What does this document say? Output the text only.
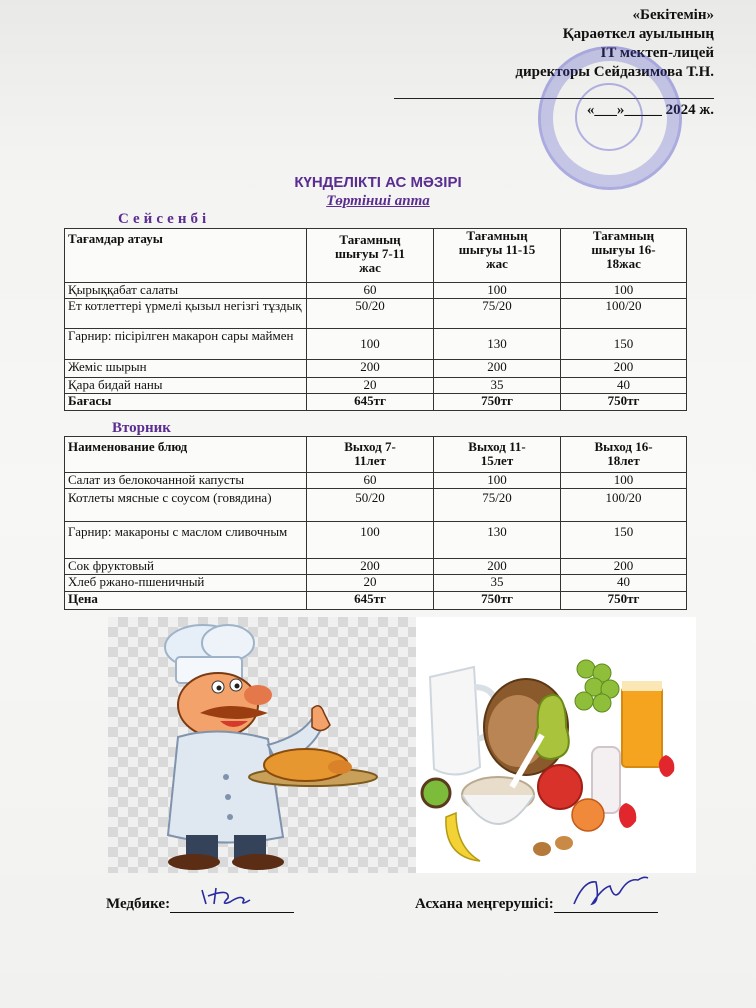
«Бекітемін»
Қараөткел ауылының
IT мектеп-лицей
директоры Сейдазимова Т.Н.
«___»_____ 2024 ж.
КҮНДЕЛІКТІ АС МӘЗІРІ
Төртінші апта
Сейсенбі
Тағамдар атауы	Тағамның шығуы 7-11 жас	Тағамның шығуы 11-15 жас	Тағамның шығуы 16-18жас
Қырыққабат салаты	60	100	100
Ет котлеттері үрмелі қызыл негізгі тұздық	50/20	75/20	100/20
Гарнир: пісірілген макарон сары маймен	100	130	150
Жеміс шырын	200	200	200
Қара бидай наны	20	35	40
Бағасы	645тг	750тг	750тг
Вторник
Наименование блюд	Выход 7-11лет	Выход 11-15лет	Выход 16-18лет
Салат из белокочанной капусты	60	100	100
Котлеты мясные с соусом (говядина)	50/20	75/20	100/20
Гарнир: макароны с маслом сливочным	100	130	150
Сок фруктовый	200	200	200
Хлеб ржано-пшеничный	20	35	40
Цена	645тг	750тг	750тг
Медбике:	Асхана меңгерушісі:
